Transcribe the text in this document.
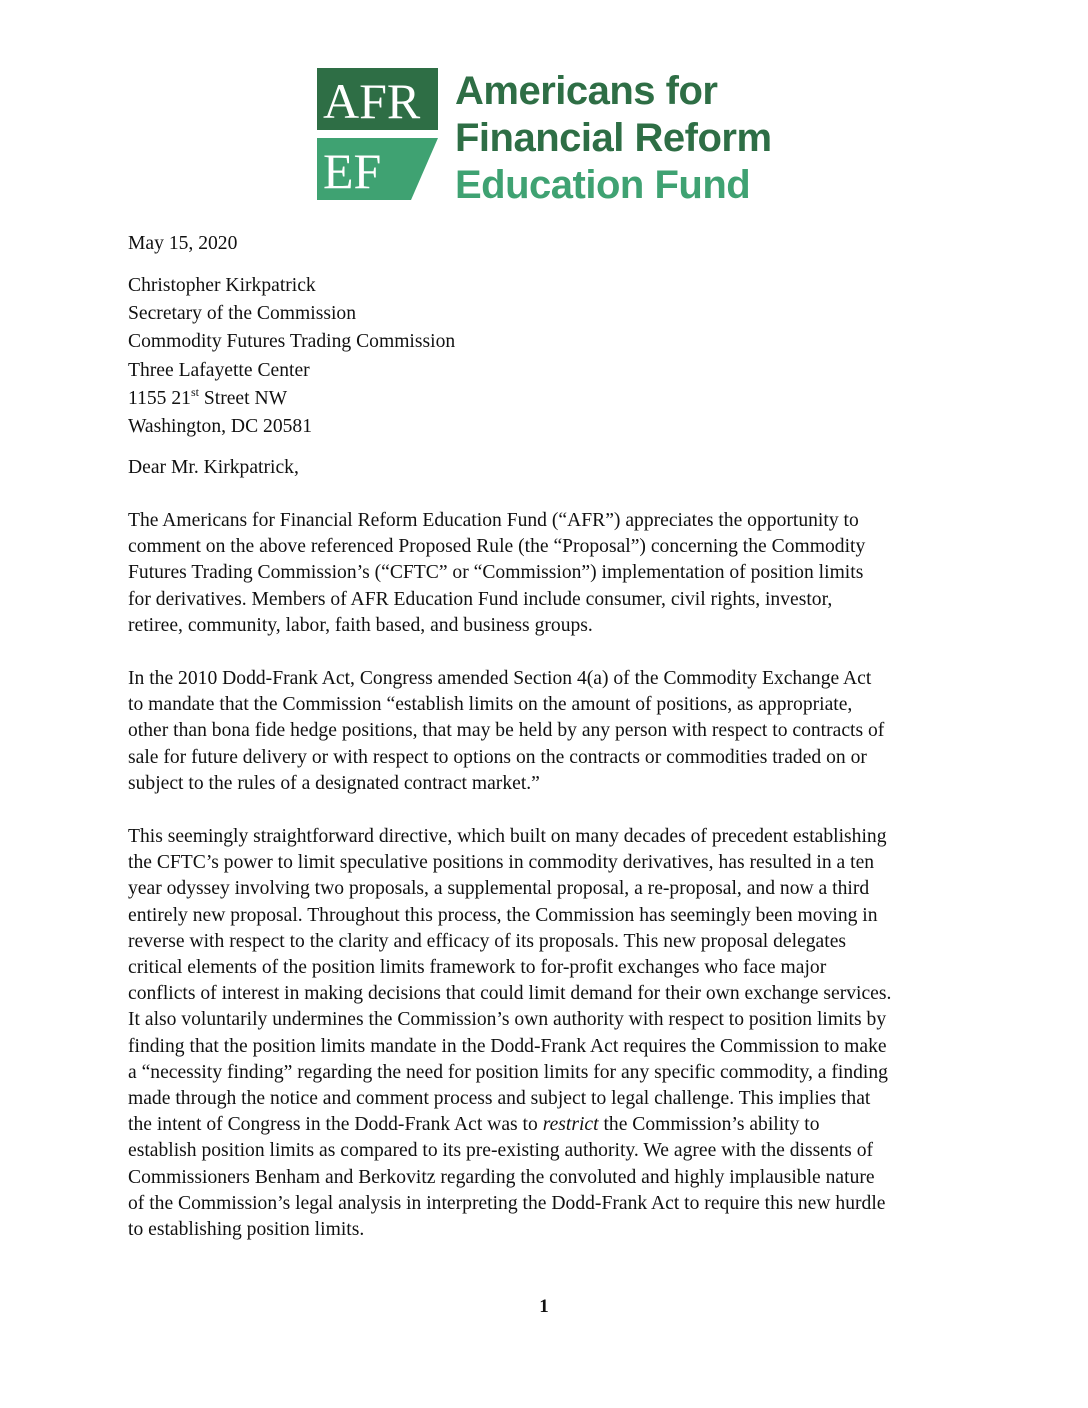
AFR
EF
Americans for
Financial Reform
Education Fund
May 15, 2020
Christopher Kirkpatrick
Secretary of the Commission
Commodity Futures Trading Commission
Three Lafayette Center
1155 21st Street NW
Washington, DC 20581
Dear Mr. Kirkpatrick,
The Americans for Financial Reform Education Fund (“AFR”) appreciates the opportunity to
comment on the above referenced Proposed Rule (the “Proposal”) concerning the Commodity
Futures Trading Commission’s (“CFTC” or “Commission”) implementation of position limits
for derivatives. Members of AFR Education Fund include consumer, civil rights, investor,
retiree, community, labor, faith based, and business groups.
In the 2010 Dodd-Frank Act, Congress amended Section 4(a) of the Commodity Exchange Act
to mandate that the Commission “establish limits on the amount of positions, as appropriate,
other than bona fide hedge positions, that may be held by any person with respect to contracts of
sale for future delivery or with respect to options on the contracts or commodities traded on or
subject to the rules of a designated contract market.”
This seemingly straightforward directive, which built on many decades of precedent establishing
the CFTC’s power to limit speculative positions in commodity derivatives, has resulted in a ten
year odyssey involving two proposals, a supplemental proposal, a re-proposal, and now a third
entirely new proposal. Throughout this process, the Commission has seemingly been moving in
reverse with respect to the clarity and efficacy of its proposals. This new proposal delegates
critical elements of the position limits framework to for-profit exchanges who face major
conflicts of interest in making decisions that could limit demand for their own exchange services.
It also voluntarily undermines the Commission’s own authority with respect to position limits by
finding that the position limits mandate in the Dodd-Frank Act requires the Commission to make
a “necessity finding” regarding the need for position limits for any specific commodity, a finding
made through the notice and comment process and subject to legal challenge. This implies that
the intent of Congress in the Dodd-Frank Act was to restrict the Commission’s ability to
establish position limits as compared to its pre-existing authority. We agree with the dissents of
Commissioners Benham and Berkovitz regarding the convoluted and highly implausible nature
of the Commission’s legal analysis in interpreting the Dodd-Frank Act to require this new hurdle
to establishing position limits.
1
